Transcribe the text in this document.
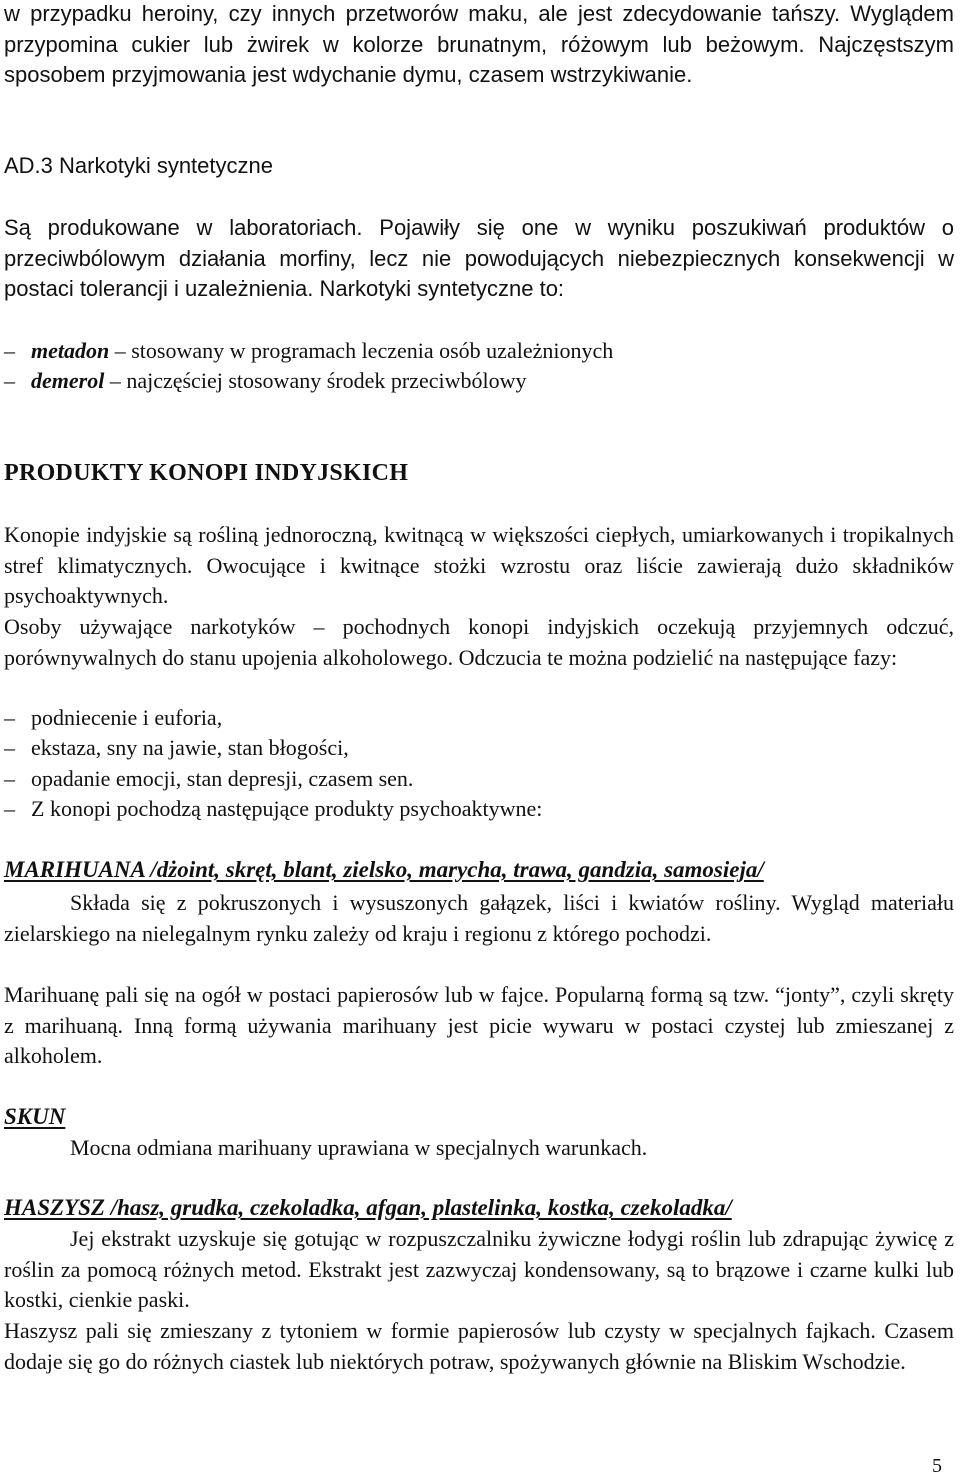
w przypadku heroiny, czy innych przetworów maku, ale jest zdecydowanie tańszy. Wyglądem przypomina cukier lub żwirek w kolorze brunatnym, różowym lub beżowym. Najczęstszym sposobem przyjmowania jest wdychanie dymu, czasem wstrzykiwanie.

AD.3 Narkotyki syntetyczne

Są produkowane w laboratoriach. Pojawiły się one w wyniku poszukiwań produktów o przeciwbólowym działania morfiny, lecz nie powodujących niebezpiecznych konsekwencji w postaci tolerancji i uzależnienia. Narkotyki syntetyczne to:

– metadon – stosowany w programach leczenia osób uzależnionych
– demerol – najczęściej stosowany środek przeciwbólowy
PRODUKTY KONOPI INDYJSKICH

Konopie indyjskie są rośliną jednoroczną, kwitnącą w większości ciepłych, umiarkowanych i tropikalnych stref klimatycznych. Owocujące i kwitnące stożki wzrostu oraz liście zawierają dużo składników psychoaktywnych.

Osoby używające narkotyków – pochodnych konopi indyjskich oczekują przyjemnych odczuć, porównywalnych do stanu upojenia alkoholowego. Odczucia te można podzielić na następujące fazy:

– podniecenie i euforia,
– ekstaza, sny na jawie, stan błogości,
– opadanie emocji, stan depresji, czasem sen.
– Z konopi pochodzą następujące produkty psychoaktywne:
MARIHUANA /dżoint, skręt, blant, zielsko, marycha, trawa, gandzia, samosieja/

Składa się z pokruszonych i wysuszonych gałązek, liści i kwiatów rośliny. Wygląd materiału zielarskiego na nielegalnym rynku zależy od kraju i regionu z którego pochodzi.

Marihuanę pali się na ogół w postaci papierosów lub w fajce. Popularną formą są tzw. “jonty”, czyli skręty z marihuaną. Inną formą używania marihuany jest picie wywaru w postaci czystej lub zmieszanej z alkoholem.

SKUN

Mocna odmiana marihuany uprawiana w specjalnych warunkach.

HASZYSZ /hasz, grudka, czekoladka, afgan, plastelinka, kostka, czekoladka/

Jej ekstrakt uzyskuje się gotując w rozpuszczalniku żywiczne łodygi roślin lub zdrapując żywicę z roślin za pomocą różnych metod. Ekstrakt jest zazwyczaj kondensowany, są to brązowe i czarne kulki lub kostki, cienkie paski.

Haszysz pali się zmieszany z tytoniem w formie papierosów lub czysty w specjalnych fajkach. Czasem dodaje się go do różnych ciastek lub niektórych potraw, spożywanych głównie na Bliskim Wschodzie.

5
